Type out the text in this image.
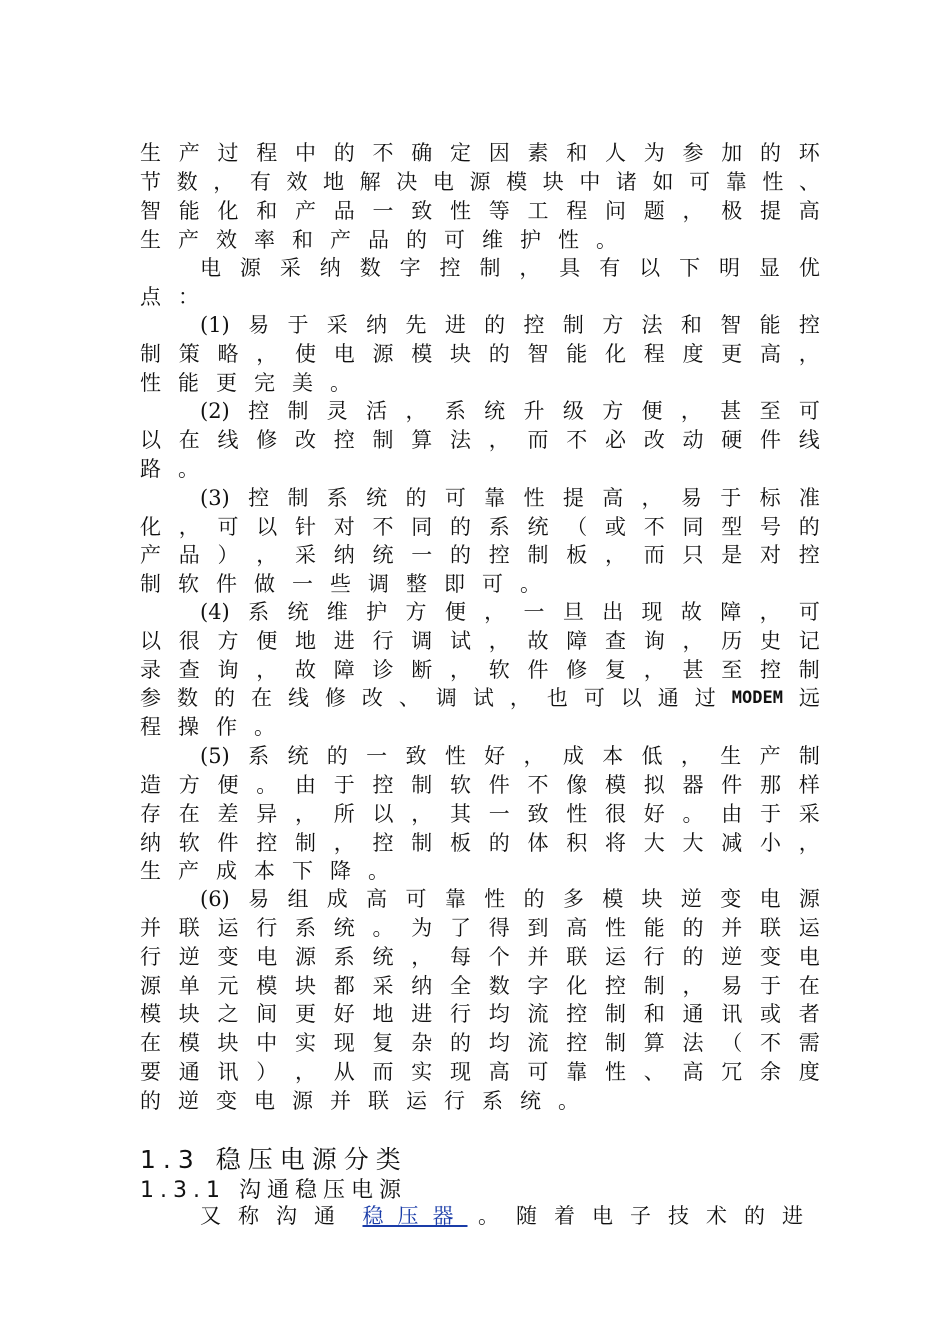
生 产 过 程 中 的 不 确 定 因 素 和 人 为 参 加 的 环
节 数 ， 有 效 地 解 决 电 源 模 块 中 诸 如 可 靠 性 、
智 能 化 和 产 品 一 致 性 等 工 程 问 题 ， 极 提 高
生 产 效 率 和 产 品 的 可 维 护 性 。
电 源 采 纳 数 字 控 制 ， 具 有 以 下 明 显 优
点 ：
(1) 易 于 采 纳 先 进 的 控 制 方 法 和 智 能 控
制 策 略 ， 使 电 源 模 块 的 智 能 化 程 度 更 高 ，
性 能 更 完 美 。
(2) 控 制 灵 活 ， 系 统 升 级 方 便 ， 甚 至 可
以 在 线 修 改 控 制 算 法 ， 而 不 必 改 动 硬 件 线
路 。
(3) 控 制 系 统 的 可 靠 性 提 高 ， 易 于 标 准
化 ， 可 以 针 对 不 同 的 系 统 （ 或 不 同 型 号 的
产 品 ） ， 采 纳 统 一 的 控 制 板 ， 而 只 是 对 控
制 软 件 做 一 些 调 整 即 可 。
(4) 系 统 维 护 方 便 ， 一 旦 出 现 故 障 ， 可
以 很 方 便 地 进 行 调 试 ， 故 障 查 询 ， 历 史 记
录 查 询 ， 故 障 诊 断 ， 软 件 修 复 ， 甚 至 控 制
参 数 的 在 线 修 改 、 调 试 ， 也 可 以 通 过 MODEM 远
程 操 作 。
(5) 系 统 的 一 致 性 好 ， 成 本 低 ， 生 产 制
造 方 便 。 由 于 控 制 软 件 不 像 模 拟 器 件 那 样
存 在 差 异 ， 所 以 ， 其 一 致 性 很 好 。 由 于 采
纳 软 件 控 制 ， 控 制 板 的 体 积 将 大 大 减 小 ，
生 产 成 本 下 降 。
(6) 易 组 成 高 可 靠 性 的 多 模 块 逆 变 电 源
并 联 运 行 系 统 。 为 了 得 到 高 性 能 的 并 联 运
行 逆 变 电 源 系 统 ， 每 个 并 联 运 行 的 逆 变 电
源 单 元 模 块 都 采 纳 全 数 字 化 控 制 ， 易 于 在
模 块 之 间 更 好 地 进 行 均 流 控 制 和 通 讯 或 者
在 模 块 中 实 现 复 杂 的 均 流 控 制 算 法 （ 不 需
要 通 讯 ） ， 从 而 实 现 高 可 靠 性 、 高 冗 余 度
的 逆 变 电 源 并 联 运 行 系 统 。
1.3 稳压电源分类
1.3.1 沟通稳压电源
又称沟通 稳压器 。随着电子技术的进
